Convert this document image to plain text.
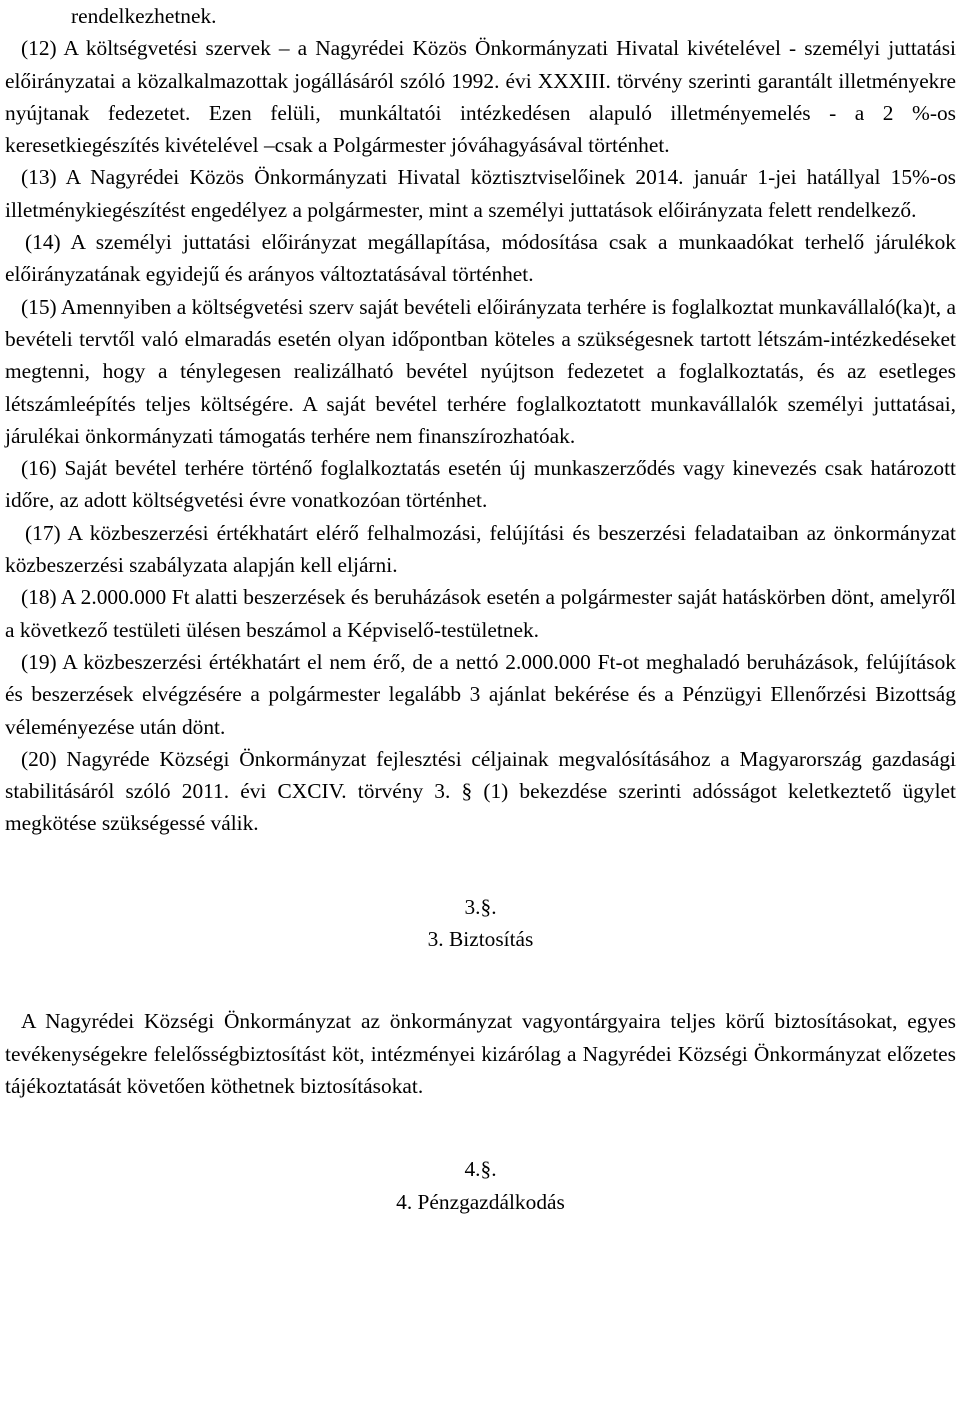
rendelkezhetnek.

(12) A költségvetési szervek – a Nagyrédei Közös Önkormányzati Hivatal kivételével - személyi juttatási előirányzatai a közalkalmazottak jogállásáról szóló 1992. évi XXXIII. törvény szerinti garantált illetményekre nyújtanak fedezetet. Ezen felüli, munkáltatói intézkedésen alapuló illetményemelés - a 2 %-os keresetkiegészítés kivételével –csak a Polgármester jóváhagyásával történhet.

(13) A Nagyrédei Közös Önkormányzati Hivatal köztisztviselőinek 2014. január 1-jei hatállyal 15%-os illetménykiegészítést engedélyez a polgármester, mint a személyi juttatások előirányzata felett rendelkező.

(14) A személyi juttatási előirányzat megállapítása, módosítása csak a munkaadókat terhelő járulékok előirányzatának egyidejű és arányos változtatásával történhet.

(15) Amennyiben a költségvetési szerv saját bevételi előirányzata terhére is foglalkoztat munkavállaló(ka)t, a bevételi tervtől való elmaradás esetén olyan időpontban köteles a szükségesnek tartott létszám-intézkedéseket megtenni, hogy a ténylegesen realizálható bevétel nyújtson fedezetet a foglalkoztatás, és az esetleges létszámleépítés teljes költségére. A saját bevétel terhére foglalkoztatott munkavállalók személyi juttatásai, járulékai önkormányzati támogatás terhére nem finanszírozhatóak.

(16) Saját bevétel terhére történő foglalkoztatás esetén új munkaszerződés vagy kinevezés csak határozott időre, az adott költségvetési évre vonatkozóan történhet.

(17) A közbeszerzési értékhatárt elérő felhalmozási, felújítási és beszerzési feladataiban az önkormányzat közbeszerzési szabályzata alapján kell eljárni.

(18) A 2.000.000 Ft alatti beszerzések és beruházások esetén a polgármester saját hatáskörben dönt, amelyről a következő testületi ülésen beszámol a Képviselő-testületnek.

(19) A közbeszerzési értékhatárt el nem érő, de a nettó 2.000.000 Ft-ot meghaladó beruházások, felújítások és beszerzések elvégzésére a polgármester legalább 3 ajánlat bekérése és a Pénzügyi Ellenőrzési Bizottság véleményezése után dönt.

(20) Nagyréde Községi Önkormányzat fejlesztési céljainak megvalósításához a Magyarország gazdasági stabilitásáról szóló 2011. évi CXCIV. törvény 3. § (1) bekezdése szerinti adósságot keletkeztető ügylet megkötése szükségessé válik.

3.§.

3. Biztosítás

A Nagyrédei Községi Önkormányzat az önkormányzat vagyontárgyaira teljes körű biztosításokat, egyes tevékenységekre felelősségbiztosítást köt, intézményei kizárólag a Nagyrédei Községi Önkormányzat előzetes tájékoztatását követően köthetnek biztosításokat.

4.§.

4. Pénzgazdálkodás
